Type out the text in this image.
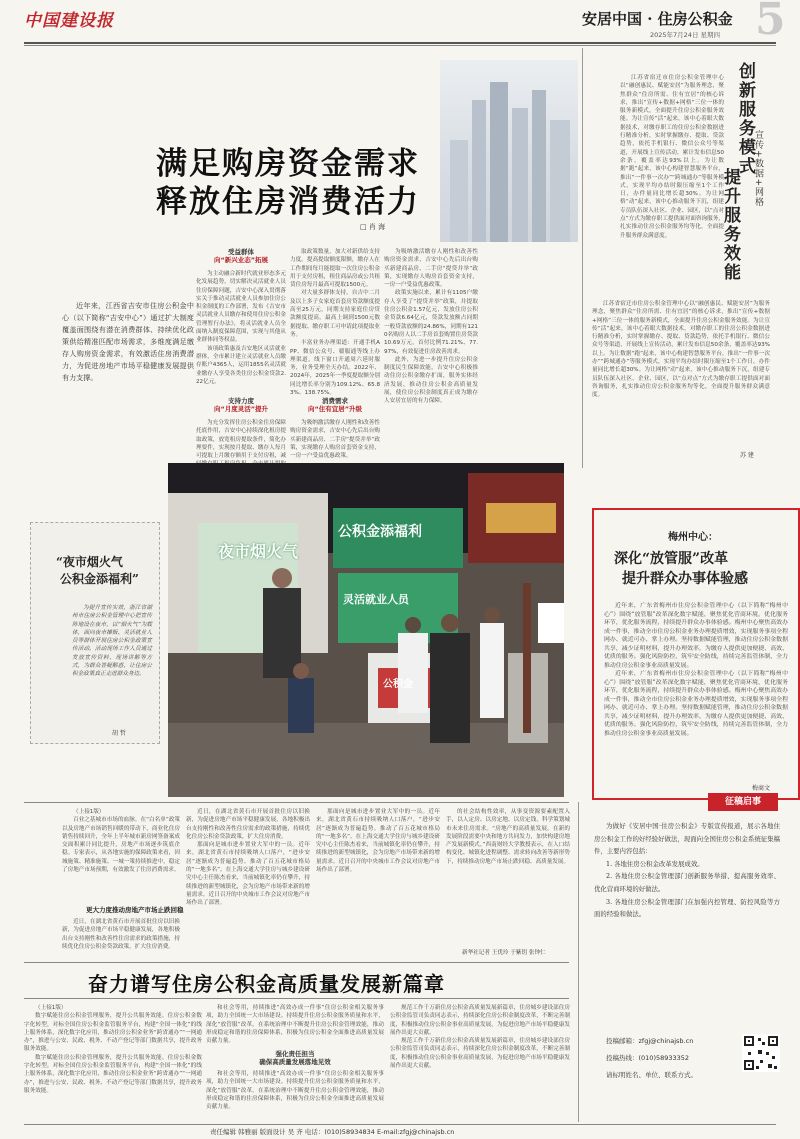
中国建设报	安居中国 · 住房公积金
2025年7月24日 星期四 5
满足购房资金需求
释放住房消费活力
□ 肖 海
近年来，江西省吉安市住房公积金中心（以下简称“吉安中心”）通过扩大制度覆盖面围绕有潜在消费群体、持续优化政策供给精准匹配市场需求，多维度满足缴存人购房资金需求，有效激活住房消费潜力，为促进房地产市场平稳健康发展提供有力支撑。
受益群体
向“新兴业态”拓展
支持力度
向“月度灵活”提升
消费需求
向“住有宜居”升级

为主动融合新时代就业形态多元化发展趋势，切实解决灵活就业人员住房保障问题，吉安中心深入贯彻落实关于推动灵活就业人员参加住房公积金制度的工作部署，发布《吉安市灵活就业人员缴存和使用住房公积金管理暂行办法》，将灵活就业人员全面纳入制度保障范围，实现与其他从业群体同等权益。

该项政策惠及吉安地区灵活就业群体，全市累计建立灵活就业人员缴存账户4365人，运用1855名灵活就业缴存人享受各类住房公积金贷款2.22亿元。

为充分发挥住房公积金住房保障托底作用，吉安中心持续深化租房提取政策，放宽租房提取条件，简化办理要件，实现按月提取、缴存人每月可提取上月缴存额用于支付房租，减

取政策数量，加大对新供给支持力度。提高提取额度限额，缴存人在工作期间每月能提取一次住房公积金用于支付房租，租住商品房或公共租赁住房每月最高可提取1500元。

对大量多群体支持，自吉中二月及以上多子女家庭首套房贷款额度提高至25万元，同期支持家庭住房贷款额度提高，最高上调到1500元数据提取、缴存职工可申请此项提取业务。

丰富业务办理渠道：开通手机APP、微信公众号、赣服通等线上办理渠道，线下窗口开通周六延时服务，业务受理全天办结。2022年、2024年，2025年一季度提取额分别同比增长率分别为109.12%、65.83%、138.75%。

为吸纳激活缴存人刚性和改善性购房资金需求，吉安中心先后出台购买新建商品房、二手房“提贷并举”政策，实现缴存人购房首套资金支持，一房一户受益优惠政策。

为吸纳激活缴存人刚性和改善性购房资金需求，吉安中心先后出台购买新建商品房、二手房“提贷并举”政策，实现缴存人购房首套资金支持，一房一户受益优惠政策。

政策实施以来，累计有1105户缴存人享受了“提贷并举”政策，并提取住房公积金1.57亿元，发放住房公积金贷款6.64亿元，贷款发放额占同期一般贷款放额的24.86%，同期有1210名购房人以二手房首套购置住房贷款10.69万元，首付比例71.21%、77.97%，有效促进住房改善需求。

此外，为进一步提升住房公积金制度民生保障效能，吉安中心积极推动住房公积金缴存扩面，服务实体经济发展，推动住房公积金高质量发展，使住房公积金制度真正成为缴存人安居宜居的有力保障。

江苏省宿迁市住房公积金管理中心以“融创惠民、赋能安居”为服务理念，聚焦群众“住房所需、住有宜居”的核心诉求，推出“宣传+数据+网格”三位一体的服务新模式，全面提升住房公积金服务效能。为让宣传“活”起来，该中心着眼大数据技术，对缴存职工的住房公积金数据进行精准分析，实时掌握缴存、提取、贷款趋势，依托手机银行、微信公众号等渠道，开展线上宣传活动，累计发布信息50余条，覆盖率达93%以上。为让数据“跑”起来，该中心构建智慧服务平台，推出“一件事一次办”“跨城通办”等服务模式，实现平均办结时限压缩至1个工作日，办件量同比增长超30%。为让网格“动”起来，该中心推动服务下沉，组建专员队伍深入社区、企业、园区，以“点对点”方式为缴存职工提供面对面咨询服务，扎实推动住房公积金服务均等化，全面提升服务群众满意度。

江苏省宿迁市住房公积金管理中心以“融创惠民、赋能安居”为服务理念，聚焦群众“住房所需、住有宜居”的核心诉求，推出“宣传+数据+网格”三位一体的服务新模式，全面提升住房公积金服务效能。为让宣传“活”起来，该中心着眼大数据技术，对缴存职工的住房公积金数据进行精准分析，实时掌握缴存、提取、贷款趋势，依托手机银行、微信公众号等渠道，开展线上宣传活动，累计发布信息50余条，覆盖率达93%以上。为让数据“跑”起来，该中心构建智慧服务平台，推出“一件事一次办”“跨城通办”等服务模式，实现平均办结时限压缩至1个工作日，办件量同比增长超30%。为让网格“动”起来，该中心推动服务下沉，组建专员队伍深入社区、企业、园区，以“点对点”方式为缴存职工提供面对面咨询服务，扎实推动住房公积金服务均等化，全面提升服务群众满意度。

创新服务模式
提升服务效能	宣传+数据+网格
苏 建
“夜市烟火气
公积金添福利”

为提升宣传实效，浙江省湖州市住房公积金管理中心把宣传阵地设在夜市，以“烟火气”为载体，面向夜市摊贩、灵活就业人员等群体开展住房公积金政策宣传活动。活动现场工作人员通过发放宣传资料、现场讲解等方式，为群众答疑解惑，让住房公积金政策真正走进群众身边。

胡 哲
夜市烟火气
公积金添福利
灵活就业人员
公积金
梅州中心：
深化“放管服”改革
提升群众办事体验感

近年来，广东省梅州市住房公积金管理中心（以下简称“梅州中心”）围绕“放管服”改革深化数字赋能，聚焦优化营商环境，优化服务环节，优化服务流程，持续提升群众办事体验感。梅州中心聚焦高效办成一件事，推动全市住房公积金业务办理提质增效，实现服务事项全程网办、就近可办、掌上办理。坚持数据赋能管理，推动住房公积金数据共享，减少证明材料，提升办理效率，为缴存人提供更加便捷、高效、优质的服务。强化风险防控，筑牢安全防线，持续完善监管体制，全力推动住房公积金事业高质量发展。

近年来，广东省梅州市住房公积金管理中心（以下简称“梅州中心”）围绕“放管服”改革深化数字赋能，聚焦优化营商环境，优化服务环节，优化服务流程，持续提升群众办事体验感。梅州中心聚焦高效办成一件事，推动全市住房公积金业务办理提质增效，实现服务事项全程网办、就近可办、掌上办理。坚持数据赋能管理，推动住房公积金数据共享，减少证明材料，提升办理效率，为缴存人提供更加便捷、高效、优质的服务。强化风险防控，筑牢安全防线，持续完善监管体制，全力推动住房公积金事业高质量发展。

梅商文

（上接1版）

百业之基城市市场的血脉。在“白名单”政策以及房地产市场销售回暖的带动下，商业化住房销售持续回升，全年上半年城市新房网签备案成交面积累计同比提升，房地产市场逐步筑底企稳。专家表示，从各地实施的保障政策来看，因城施策、精准施策、一城一策持续推进中，稳定了房地产市场预期，有效激发了住房消费需求。

更大力度推动房地产市场止跌回稳

近日，在湖北省黄石市开展首批住房以旧换新，为促进房地产市场平稳健康发展，各地积极出台支持刚性和改善性住房需求的政策措施，持续优化住房公积金贷款政策，扩大住房消费。

近日，在湖北省黄石市开展首批住房以旧换新，为促进房地产市场平稳健康发展，各地积极出台支持刚性和改善性住房需求的政策措施，持续优化住房公积金贷款政策，扩大住房消费。

那面向是城市进步置业大军中的一员。近年来，湖北省黄石市持续吸纳人口落户，“进步安居”逐渐成为普遍趋势。推动了百五花城市格局的“一地多名”。在上海交通大学住房与城乡建设研究中心主任陈杰看来，当前城镇化率仍在攀升，持续推进的新型城镇化，会为房地产市场带来新的增量需求。近日召开的中央城市工作会议对房地产市场作出了部署。

那面向是城市进步置业大军中的一员。近年来，湖北省黄石市持续吸纳人口落户，“进步安居”逐渐成为普遍趋势。推动了百五花城市格局的“一地多名”。在上海交通大学住房与城乡建设研究中心主任陈杰看来，当前城镇化率仍在攀升，持续推进的新型城镇化，会为房地产市场带来新的增量需求。近日召开的中央城市工作会议对房地产市场作出了部署。

的社会结构性效率，从事变资源要素配置入手，以人定房、以房定地、以房定钱，科学策划城市未来住房需求。“房地产的高质量发展，在新的发展阶段需要中央和地方共同发力，加快构建房地产发展新模式。”西南财经大学教授表示，在人口结构变化、城镇化进程调整、需求转向改善等新形势下，持续推动房地产市场止跌回稳、高质量发展。

新华社记者 王优玲 于紫钥 张钟仁
奋力谱写住房公积金高质量发展新篇章

（上接1版）

数字赋能住房公积金管理服务，提升公共服务效能。住房公积金数字化转型，对标全国住房公积金监管服务平台，构建“全国一体化”的线上服务体系，深化数字化应用，推动住房公积金业务“跨省通办”“一网通办”，推进与公安、民政、税务、不动产登记等部门数据共享，提升政务服务效能。

数字赋能住房公积金管理服务，提升公共服务效能。住房公积金数字化转型，对标全国住房公积金监管服务平台，构建“全国一体化”的线上服务体系，深化数字化应用，推动住房公积金业务“跨省通办”“一网通办”，推进与公安、民政、税务、不动产登记等部门数据共享，提升政务服务效能。

和社会等用，持续推进“高效办成一件事”住房公积金相关服务事项，助力全国统一大市场建设。持续提升住房公积金服务质量和水平，深化“放管服”改革。在系统治理中不断提升住房公积金管理效能，推动形成稳定和谐的住房保障体系，积极为住房公积金全面推进高质量发展贡献力量。

强化责任担当
确保高质量发展落地见效

和社会等用，持续推进“高效办成一件事”住房公积金相关服务事项，助力全国统一大市场建设。持续提升住房公积金服务质量和水平，深化“放管服”改革。在系统治理中不断提升住房公积金管理效能，推动形成稳定和谐的住房保障体系，积极为住房公积金全面推进高质量发展贡献力量。

规范工作千万新住房公积金高质量发展新篇章，住房城乡建设部住房公积金监管司负责同志表示，持续深化住房公积金制度改革，不断完善制度，积极推动住房公积金事业高质量发展，为促进房地产市场平稳健康发展作出更大贡献。

规范工作千万新住房公积金高质量发展新篇章，住房城乡建设部住房公积金监管司负责同志表示，持续深化住房公积金制度改革，不断完善制度，积极推动住房公积金事业高质量发展，为促进房地产市场平稳健康发展作出更大贡献。

征稿启事
为做好《安居中国·住房公积金》专版宣传报道，展示各地住房公积金工作的好经验好做法，现面向全国住房公积金系统征集稿件，主要内容包括：
1. 各地住房公积金改革发展成效。
2. 各地住房公积金管理部门创新服务举措、提高服务效率、优化营商环境的好做法。
3. 各地住房公积金管理部门在加强内控管理、防控风险等方面的经验和做法。
投稿邮箱：zfgj@chinajsb.cn
投稿热线：(010)58933352
请标明姓名、单位、联系方式。
责任编辑 韩雅丽 版面设计 吴 齐 电话：(010)58934834 E-mail:zfgj@chinajsb.cn
